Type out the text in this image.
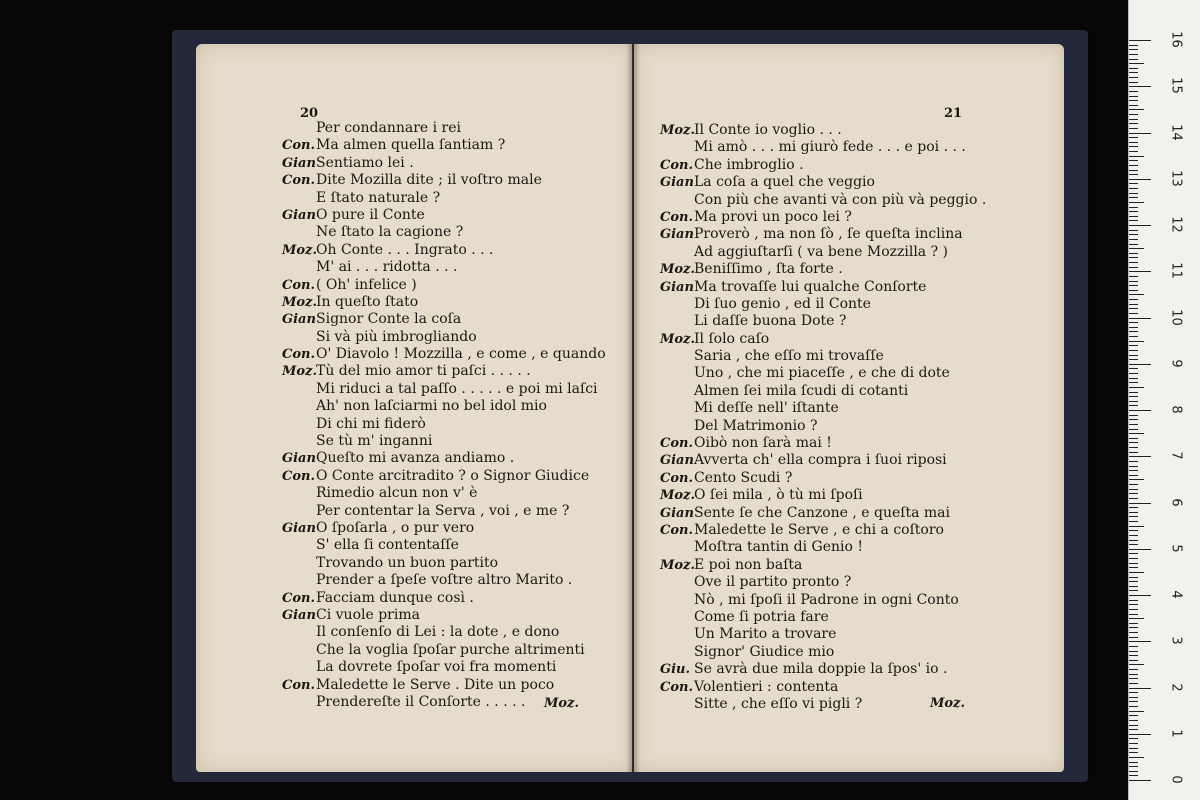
20
Per condannare i rei
Con.Ma almen quella ſantiam ?
GianSentiamo lei .
Con.Dite Mozilla dite ; il voſtro male
E ſtato naturale ?
GianO pure il Conte
Ne ſtato la cagione ?
Moz.Oh Conte . . . Ingrato . . .
M' ai . . . ridotta . . .
Con.( Oh' infelice )
Moz.In queſto ſtato
GianSignor Conte la coſa
Si và più imbrogliando
Con.O' Diavolo ! Mozzilla , e come , e quando
Moz.Tù del mio amor ti paſci . . . . .
Mi riduci a tal paſſo . . . . . e poi mi laſci
Ah' non laſciarmi no bel idol mio
Di chi mi fiderò
Se tù m' inganni
GianQueſto mi avanza andiamo .
Con.O Conte arcitradito ? o Signor Giudice
Rimedio alcun non v' è
Per contentar la Serva , voi , e me ?
GianO ſpoſarla , o pur vero
S' ella ſi contentaſſe
Trovando un buon partito
Prender a ſpeſe voſtre altro Marito .
Con.Facciam dunque così .
GianCi vuole prima
Il conſenſo di Lei : la dote , e dono
Che la voglia ſpoſar purche altrimenti
La dovrete ſpoſar voi fra momenti
Con.Maledette le Serve . Dite un poco
Prendereſte il Conſorte . . . . .	Moz.
21
Moz.Il Conte io voglio . . .
Mi amò . . . mi giurò fede . . . e poi . . .
Con.Che imbroglio .
GianLa coſa a quel che veggio
Con più che avanti và con più và peggio .
Con.Ma provi un poco lei ?
GianProverò , ma non ſò , ſe queſta inclina
Ad aggiuſtarſi ( va bene Mozzilla ? )
Moz.Beniſſimo , ſta forte .
GianMa trovaſſe lui qualche Conſorte
Di ſuo genio , ed il Conte
Li daſſe buona Dote ?
Moz.Il ſolo caſo
Saria , che eſſo mi trovaſſe
Uno , che mi piaceſſe , e che di dote
Almen ſei mila ſcudi di cotanti
Mi deſſe nell' iſtante
Del Matrimonio ?
Con.Oibò non ſarà mai !
GianAvverta ch' ella compra i ſuoi riposi
Con.Cento Scudi ?
Moz.O ſei mila , ò tù mi ſpoſi
GianSente ſe che Canzone , e queſta mai
Con.Maledette le Serve , e chi a coſtoro
Moſtra tantin di Genio !
Moz.E poi non baſta
Ove il partito pronto ?
Nò , mi ſpoſi il Padrone in ogni Conto
Come ſi potria fare
Un Marito a trovare
Signor' Giudice mio
Giu. Se avrà due mila doppie la ſpos' io .
Con.Volentieri : contenta
Sitte , che eſſo vi pigli ?	Moz.
16
15
14
13
12
11
10
9
8
7
6
5
4
3
2
1
0
